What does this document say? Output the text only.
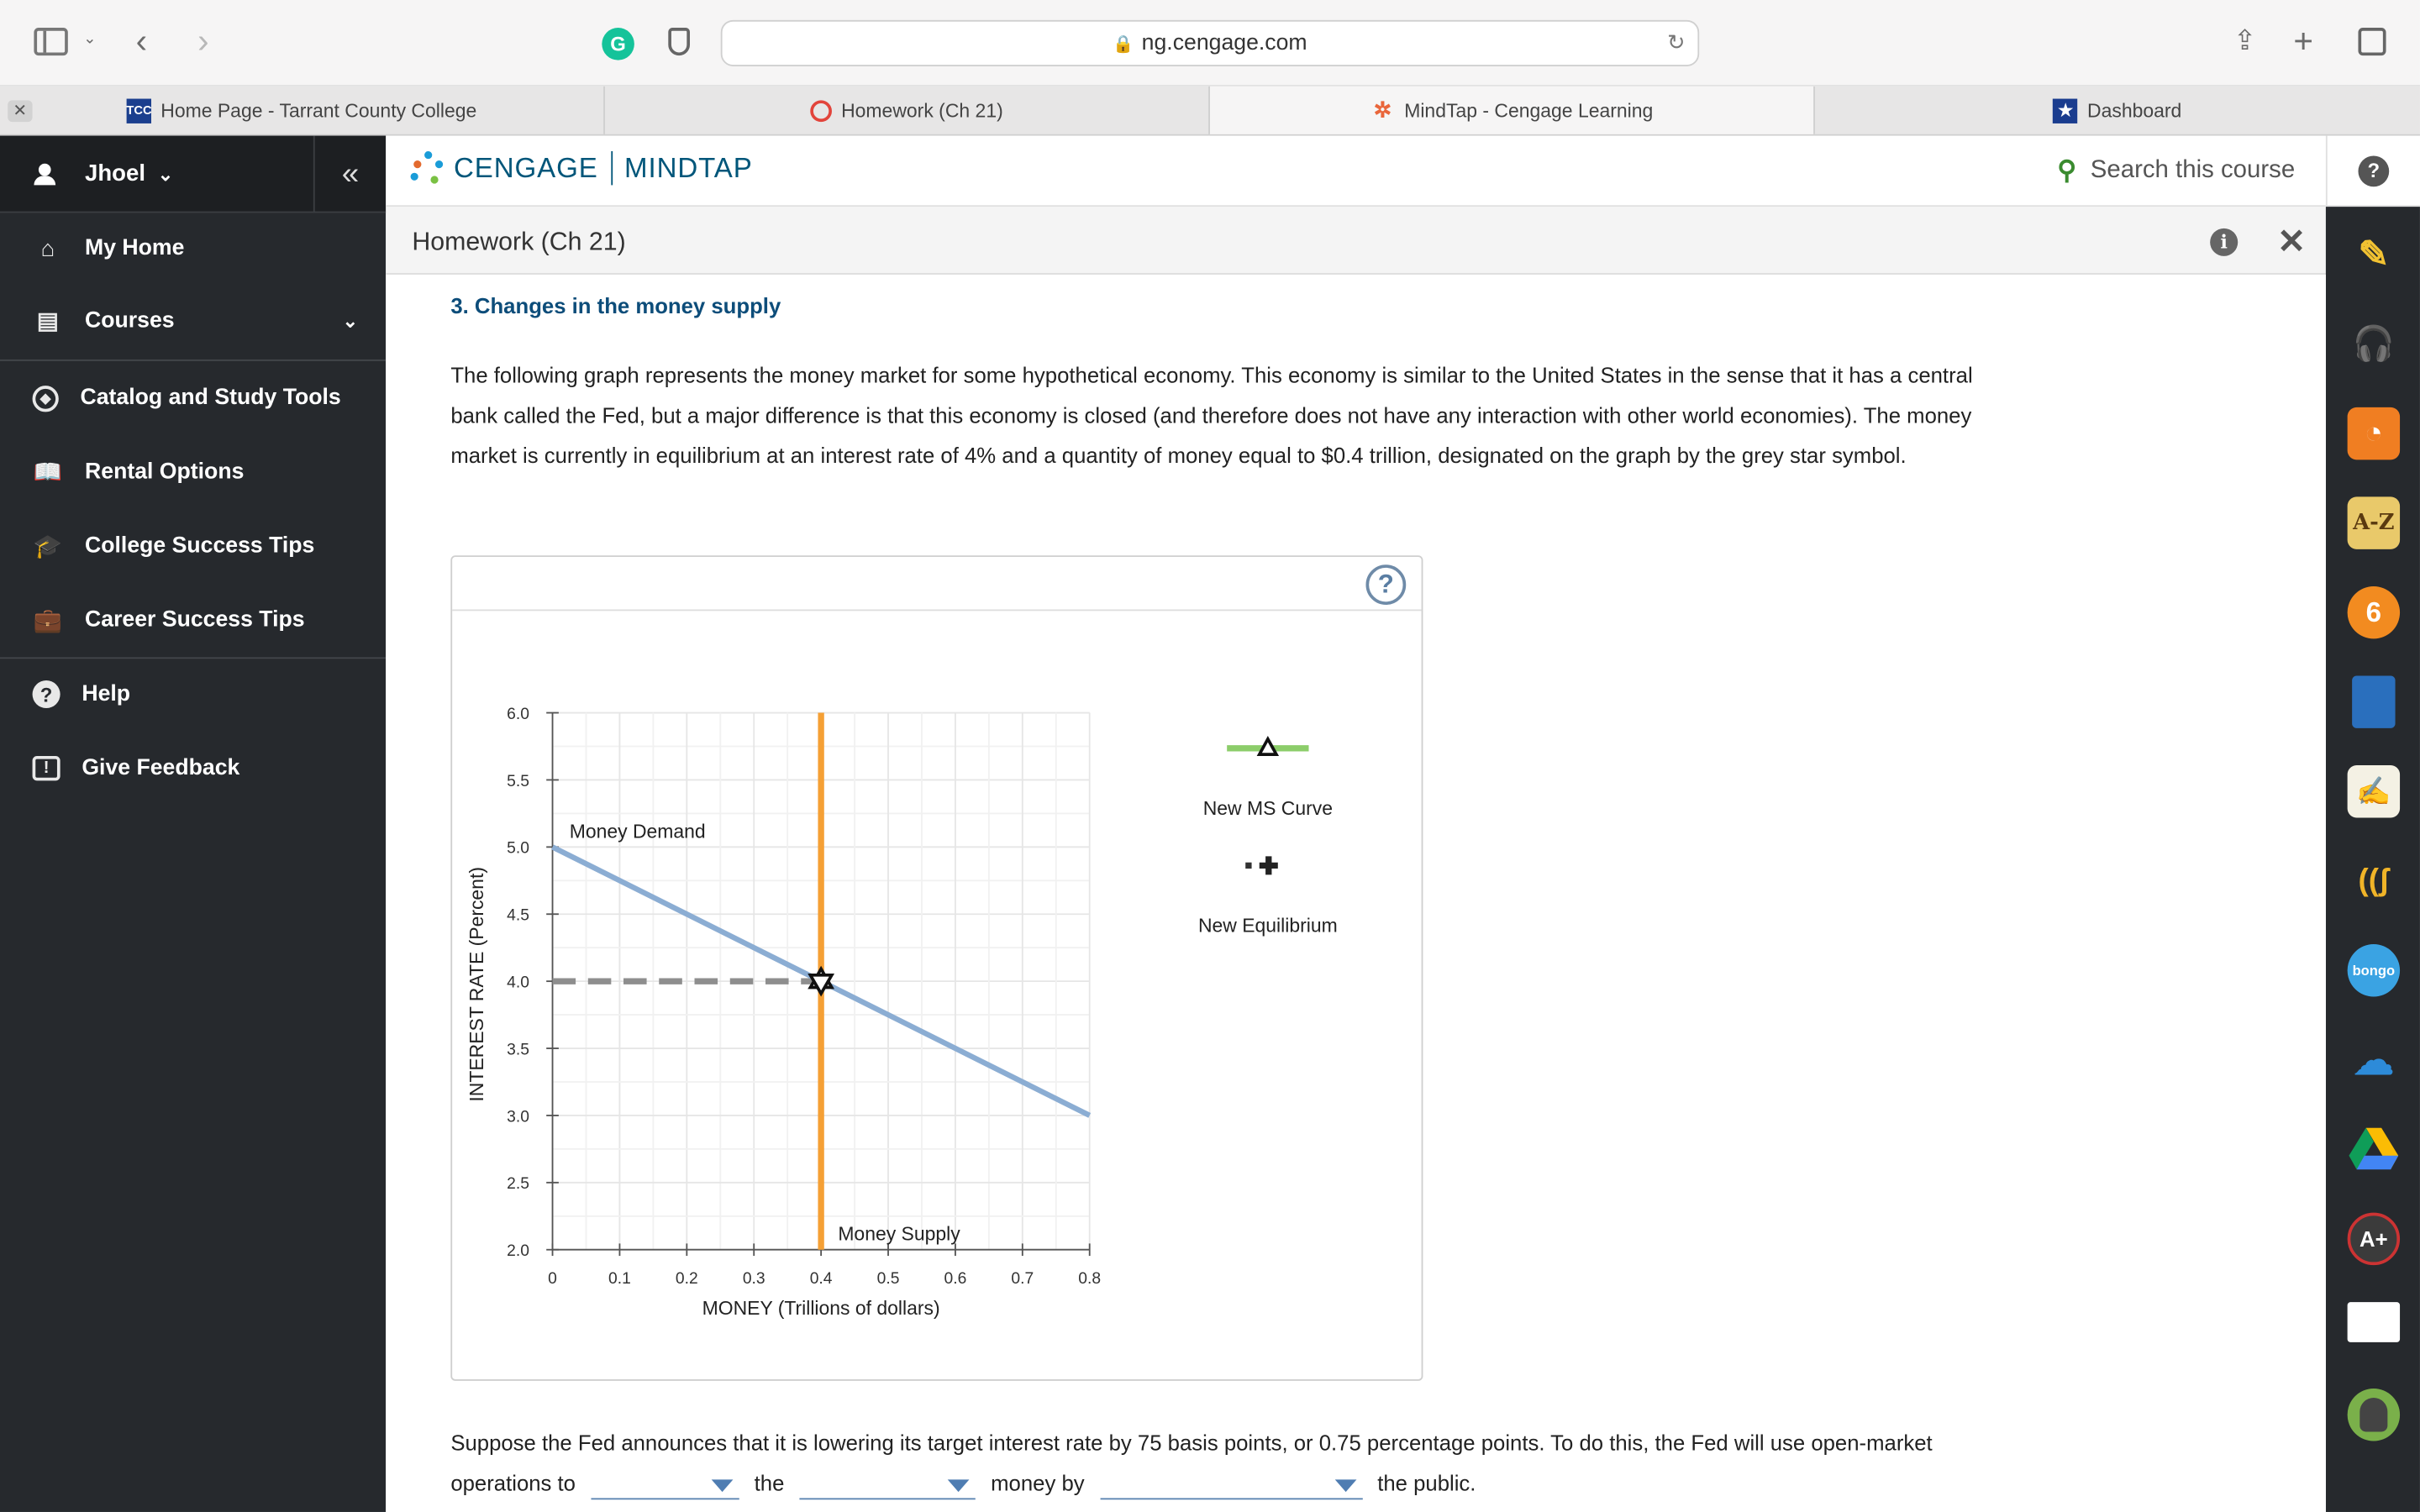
⌄ ‹	›	G	🔒 ng.cengage.com	↻	⇪ +
TCC Home Page - Tarrant County College	Homework (Ch 21)	✲	MindTap - Cengage Learning	★	Dashboard
✕
Jhoel ⌄	«
⌂	My Home
▤	Courses	⌄
◆	Catalog and Study Tools
📖 Rental Options
🎓 College Success Tips
💼 Career Success Tips
?	Help
!	Give Feedback
CENGAGE MINDTAP	⚲ Search this course	?
Homework (Ch 21)	i	✕	✎
🎧
◔
A-Z
6
✍
((ʃ
bongo
☁
A+
3. Changes in the money supply
The following graph represents the money market for some hypothetical economy. This economy is similar to the United States in the sense that it has a central bank called the Fed, but a major difference is that this economy is closed (and therefore does not have any interaction with other world economies). The money market is currently in equilibrium at an interest rate of 4% and a quantity of money equal to $0.4 trillion, designated on the graph by the grey star symbol.
?
0	0.1	0.2	0.3	0.4	0.5	0.6	0.7	0.8
2.0
2.5
3.0
3.5
4.0
4.5
5.0
5.5
6.0
MONEY (Trillions of dollars)
INTEREST RATE (Percent)
Money Demand
Money Supply
New MS Curve
New Equilibrium
Suppose the Fed announces that it is lowering its target interest rate by 75 basis points, or 0.75 percentage points. To do this, the Fed will use open-market operations to	the	money by	the public.
